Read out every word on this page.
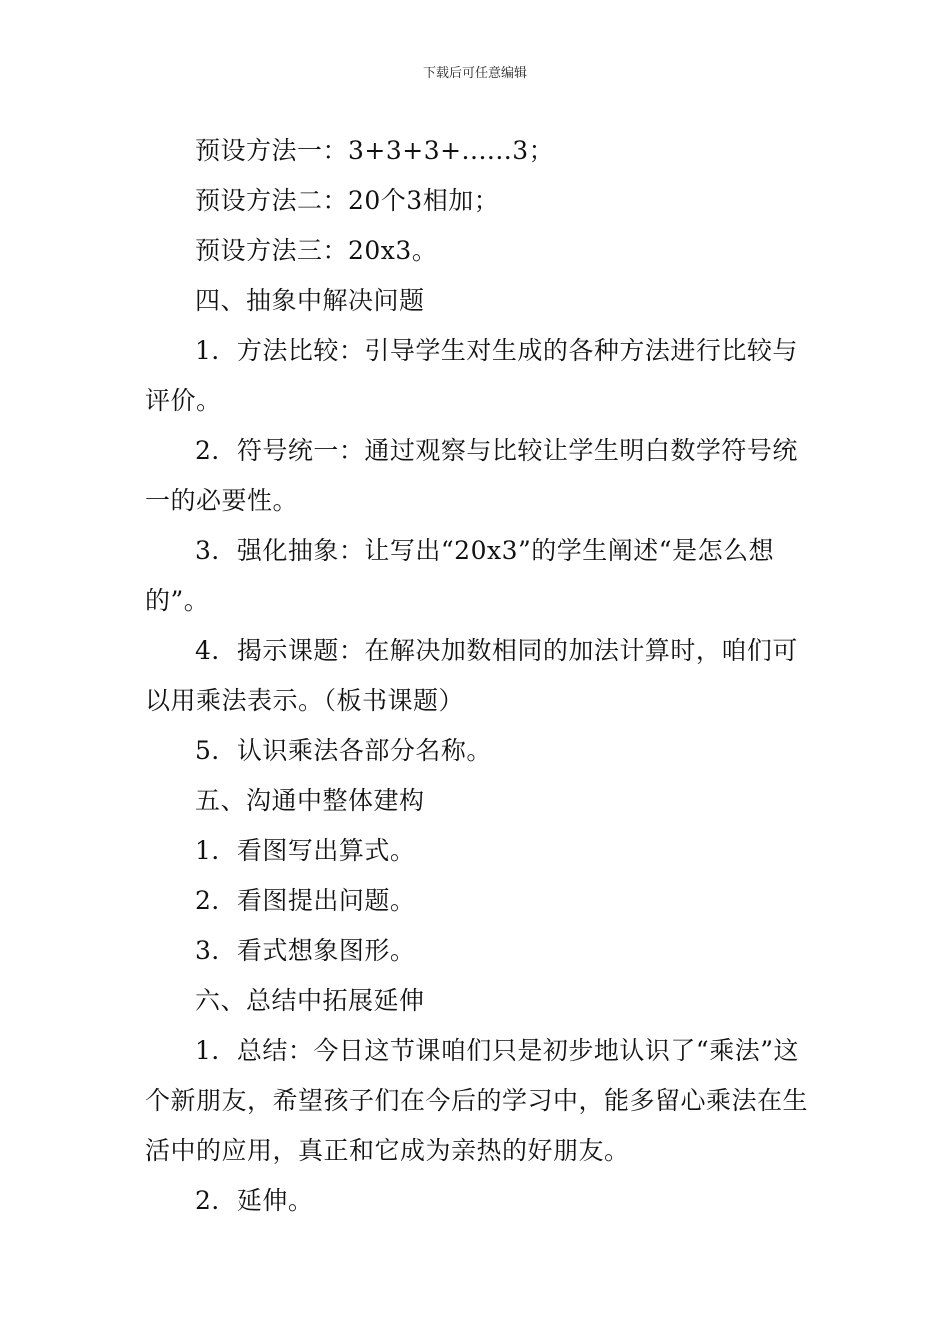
下载后可任意编辑

预设方法一：3+3+3+......3；

预设方法二：20个3相加；

预设方法三：20x3。

四、抽象中解决问题

1．方法比较：引导学生对生成的各种方法进行比较与评价。

2．符号统一：通过观察与比较让学生明白数学符号统一的必要性。

3．强化抽象：让写出“20x3”的学生阐述“是怎么想的”。

4．揭示课题：在解决加数相同的加法计算时，咱们可以用乘法表示。（板书课题）

5．认识乘法各部分名称。

五、沟通中整体建构

1．看图写出算式。

2．看图提出问题。

3．看式想象图形。

六、总结中拓展延伸

1．总结：今日这节课咱们只是初步地认识了“乘法”这个新朋友，希望孩子们在今后的学习中，能多留心乘法在生活中的应用，真正和它成为亲热的好朋友。

2．延伸。
